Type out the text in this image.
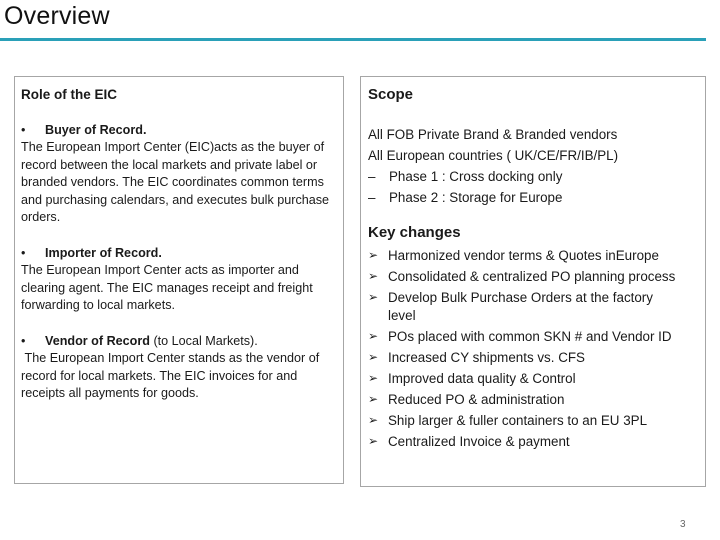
Overview
Role of the EIC
•	Buyer of Record.
The European Import Center (EIC)acts as the buyer of record between the local markets and private label or branded vendors. The EIC coordinates common terms and purchasing calendars, and executes bulk purchase orders.
•	Importer of Record.
The European Import Center acts as importer and clearing agent. The EIC manages receipt and freight forwarding to local markets.
•	Vendor of Record (to Local Markets).
The European Import Center stands as the vendor of record for local markets. The EIC invoices for and receipts all payments for goods.
Scope
All FOB Private Brand & Branded vendors
All European countries ( UK/CE/FR/IB/PL)
–	Phase 1 : Cross docking only
–	Phase 2 : Storage for Europe
Key changes
➢ Harmonized vendor terms & Quotes inEurope
➢ Consolidated & centralized PO planning process
➢ Develop Bulk Purchase Orders at the factory level
➢ POs placed with common SKN # and Vendor ID
➢ Increased CY shipments vs. CFS
➢ Improved data quality & Control
➢ Reduced PO & administration
➢ Ship larger & fuller containers to an EU 3PL
➢ Centralized Invoice & payment
3
